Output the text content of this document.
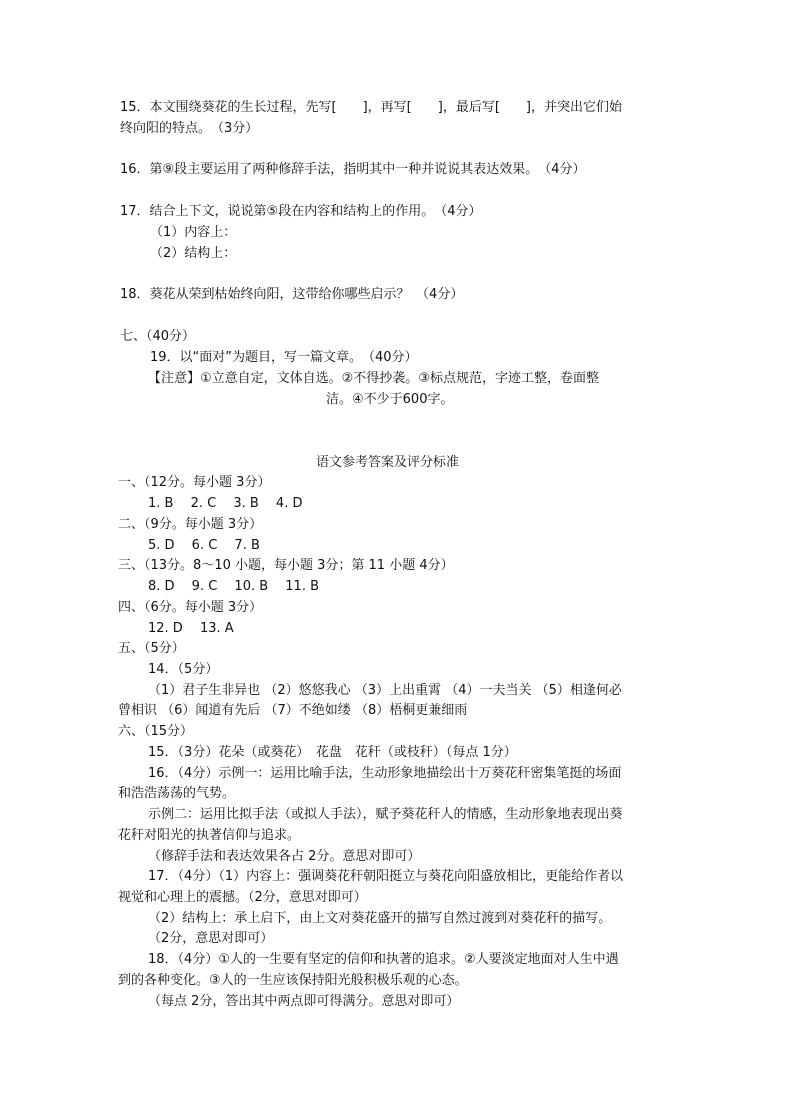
15．本文围绕葵花的生长过程，先写[　　]，再写[　　]，最后写[　　]，并突出它们始
终向阳的特点。　（3分）
16．第⑨段主要运用了两种修辞手法，指明其中一种并说说其表达效果。　（4分）
17．结合上下文，说说第⑤段在内容和结构上的作用。　（4分）
（1）内容上：
（2）结构上：
18．葵花从荣到枯始终向阳，这带给你哪些启示？　（4分）
七、（40分）
19．以“面对”为题目，写一篇文章。　（40分）
【注意】①立意自定，文体自选。②不得抄袭。③标点规范，字迹工整，卷面整
洁。④不少于600字。
语文参考答案及评分标准
一、（12分。每小题 3分）
1. B　 2. C　 3. B　 4. D
二、（9分。每小题 3分）
5. D　 6. C　 7. B
三、（13分。8～10 小题，每小题 3分；第 11 小题 4分）
8. D　 9. C　 10. B　 11. B
四、（6分。每小题 3分）
12. D　 13. A
五、（5分）
14．（5分）
（1）君子生非异也 （2）悠悠我心 （3）上出重霄 （4）一夫当关 （5）相逢何必
曾相识 （6）闻道有先后 （7）不绝如缕 （8）梧桐更兼细雨
六、（15分）
15．（3分）花朵（或葵花）　花盘　花秆（或枝秆）（每点 1分）
16．（4分）示例一：运用比喻手法，生动形象地描绘出十万葵花秆密集笔挺的场面
和浩浩荡荡的气势。
示例二：运用比拟手法（或拟人手法），赋予葵花秆人的情感，生动形象地表现出葵
花秆对阳光的执著信仰与追求。
（修辞手法和表达效果各占 2分。意思对即可）
17．（4分）（1）内容上：强调葵花秆朝阳挺立与葵花向阳盛放相比，更能给作者以
视觉和心理上的震撼。（2分，意思对即可）
（2）结构上：承上启下，由上文对葵花盛开的描写自然过渡到对葵花秆的描写。
（2分，意思对即可）
18．（4分）①人的一生要有坚定的信仰和执著的追求。②人要淡定地面对人生中遇
到的各种变化。③人的一生应该保持阳光般积极乐观的心态。
（每点 2分，答出其中两点即可得满分。意思对即可）
